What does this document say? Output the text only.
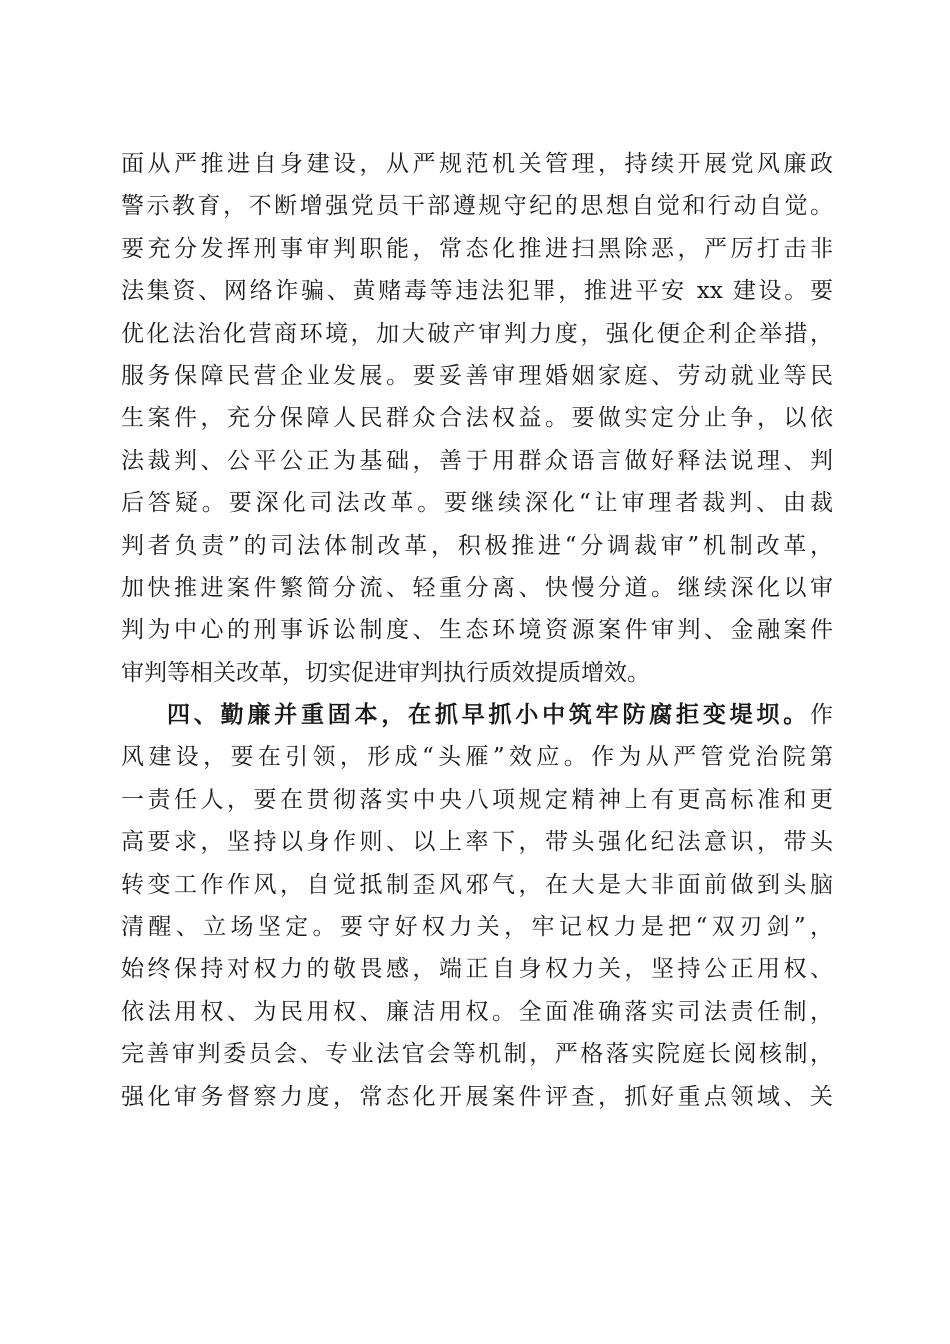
面从严推进自身建设，从严规范机关管理，持续开展党风廉政
警示教育，不断增强党员干部遵规守纪的思想自觉和行动自觉。
要充分发挥刑事审判职能，常态化推进扫黑除恶，严厉打击非
法集资、网络诈骗、黄赌毒等违法犯罪，推进平安 xx 建设。要
优化法治化营商环境，加大破产审判力度，强化便企利企举措，
服务保障民营企业发展。要妥善审理婚姻家庭、劳动就业等民
生案件，充分保障人民群众合法权益。要做实定分止争，以依
法裁判、公平公正为基础，善于用群众语言做好释法说理、判
后答疑。要深化司法改革。要继续深化“让审理者裁判、由裁
判者负责”的司法体制改革，积极推进“分调裁审”机制改革，
加快推进案件繁简分流、轻重分离、快慢分道。继续深化以审
判为中心的刑事诉讼制度、生态环境资源案件审判、金融案件
审判等相关改革，切实促进审判执行质效提质增效。
四、勤廉并重固本，在抓早抓小中筑牢防腐拒变堤坝。作
风建设，要在引领，形成“头雁”效应。作为从严管党治院第
一责任人，要在贯彻落实中央八项规定精神上有更高标准和更
高要求，坚持以身作则、以上率下，带头强化纪法意识，带头
转变工作作风，自觉抵制歪风邪气，在大是大非面前做到头脑
清醒、立场坚定。要守好权力关，牢记权力是把“双刃剑”，
始终保持对权力的敬畏感，端正自身权力关，坚持公正用权、
依法用权、为民用权、廉洁用权。全面准确落实司法责任制，
完善审判委员会、专业法官会等机制，严格落实院庭长阅核制，
强化审务督察力度，常态化开展案件评查，抓好重点领域、关
